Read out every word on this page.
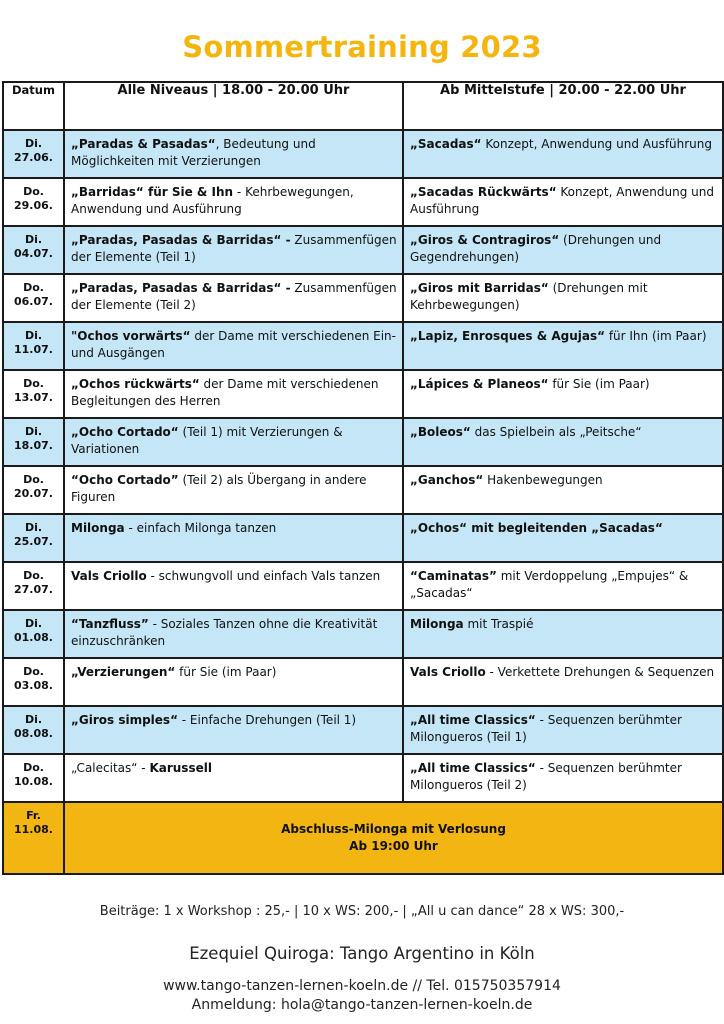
Sommertraining 2023
Datum	Alle Niveaus | 18.00 - 20.00 Uhr	Ab Mittelstufe | 20.00 - 22.00 Uhr

Di.
27.06.	„Paradas & Pasadas“, Bedeutung und Möglichkeiten mit Verzierungen	„Sacadas“ Konzept, Anwendung und Ausführung

Do.
29.06.	„Barridas“ für Sie & Ihn - Kehrbewegungen, Anwendung und Ausführung	„Sacadas Rückwärts“ Konzept, Anwendung und Ausführung

Di.
04.07.	„Paradas, Pasadas & Barridas“ - Zusammenfügen der Elemente (Teil 1)	„Giros & Contragiros“ (Drehungen und Gegendrehungen)

Do.
06.07.	„Paradas, Pasadas & Barridas“ - Zusammenfügen der Elemente (Teil 2)	„Giros mit Barridas“ (Drehungen mit Kehrbewegungen)

Di.
11.07.	"Ochos vorwärts“ der Dame mit verschiedenen Ein- und Ausgängen	„Lapiz, Enrosques & Agujas“ für Ihn (im Paar)

Do.
13.07.	„Ochos rückwärts“ der Dame mit verschiedenen Begleitungen des Herren	„Lápices & Planeos“ für Sie (im Paar)

Di.
18.07.	„Ocho Cortado“ (Teil 1) mit Verzierungen & Variationen	„Boleos“ das Spielbein als „Peitsche“

Do.
20.07.	“Ocho Cortado” (Teil 2) als Übergang in andere Figuren	„Ganchos“ Hakenbewegungen

Di.
25.07.	Milonga - einfach Milonga tanzen	„Ochos“ mit begleitenden „Sacadas“

Do.
27.07.	Vals Criollo - schwungvoll und einfach Vals tanzen	“Caminatas” mit Verdoppelung „Empujes“ & „Sacadas“

Di.
01.08.	“Tanzfluss” - Soziales Tanzen ohne die Kreativität einzuschränken	Milonga mit Traspié

Do.
03.08.	„Verzierungen“ für Sie (im Paar)	Vals Criollo - Verkettete Drehungen & Sequenzen

Di.
08.08.	„Giros simples“ - Einfache Drehungen (Teil 1)	„All time Classics“ - Sequenzen berühmter Milongueros (Teil 1)

Do.
10.08.	„Calecitas“ - Karussell	„All time Classics“ - Sequenzen berühmter Milongueros (Teil 2)

Fr.
11.08.	Abschluss-Milonga mit Verlosung
Ab 19:00 Uhr	
Beiträge: 1 x Workshop : 25,- | 10 x WS: 200,- | „All u can dance“ 28 x WS: 300,-
Ezequiel Quiroga: Tango Argentino in Köln
www.tango-tanzen-lernen-koeln.de // Tel. 015750357914
Anmeldung: hola@tango-tanzen-lernen-koeln.de
